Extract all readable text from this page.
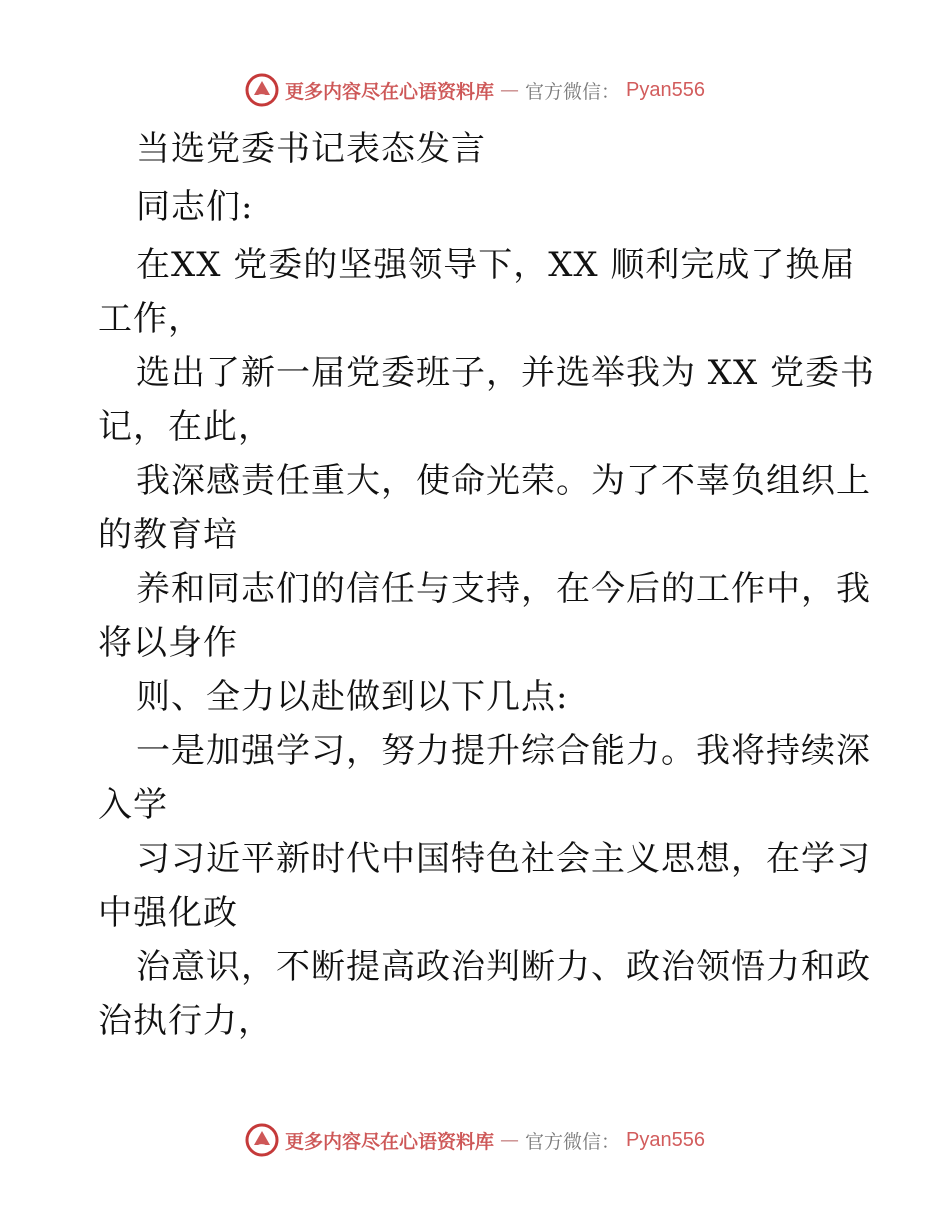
更多内容尽在心语资料库 — 官方微信： Pyan556
当选党委书记表态发言
同志们:
在XX 党委的坚强领导下，XX 顺利完成了换届
工作，
选出了新一届党委班子，并选举我为 XX 党委书
记，在此，
我深感责任重大，使命光荣。为了不辜负组织上
的教育培
养和同志们的信任与支持，在今后的工作中，我
将以身作
则、全力以赴做到以下几点:
一是加强学习，努力提升综合能力。我将持续深
入学
习习近平新时代中国特色社会主义思想，在学习
中强化政
治意识，不断提高政治判断力、政治领悟力和政
治执行力，
更多内容尽在心语资料库 — 官方微信： Pyan556
